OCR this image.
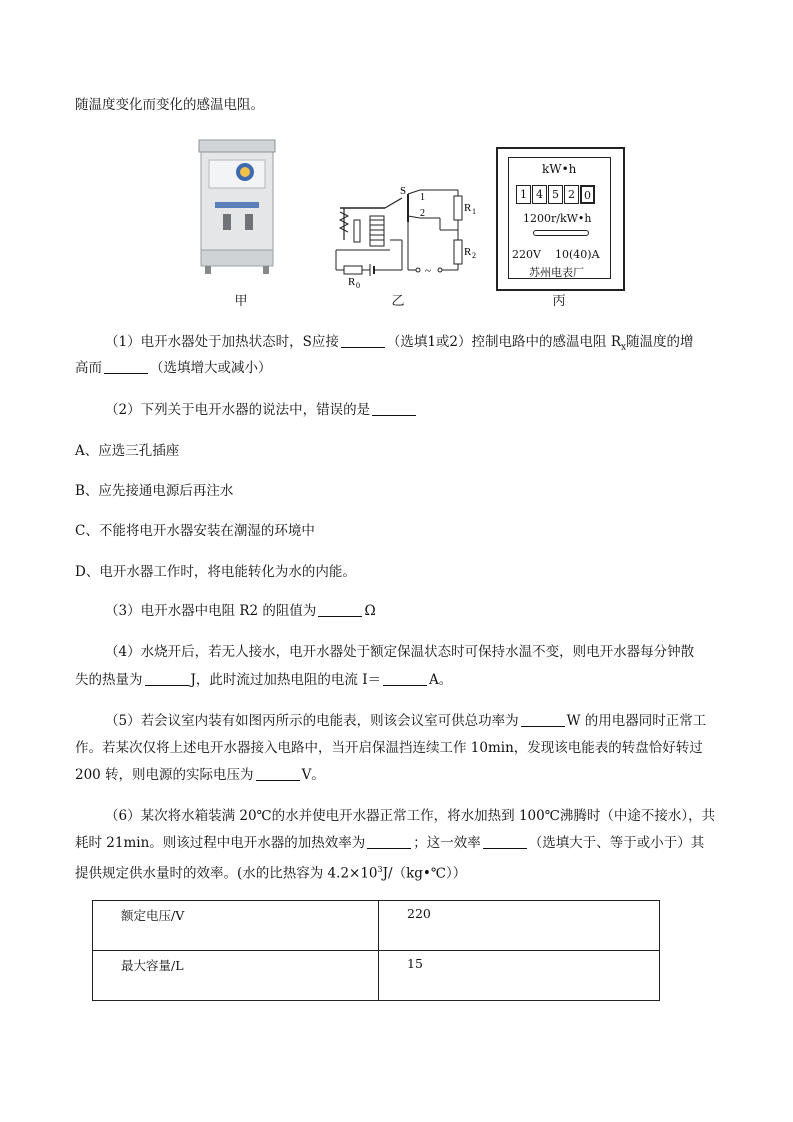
随温度变化而变化的感温电阻。
甲
S
1
2	R 1
R 2
R 0
~
乙
kW•h
1 4 5 2 0
1200r/kW•h
220V 10(40)A
苏州电表厂
丙
（1）电开水器处于加热状态时，S应接	（选填1或2）控制电路中的感温电阻 $R_x$随温度的增
高而	（选填增大或减小）
（2）下列关于电开水器的说法中，错误的是
A、应选三孔插座
B、应先接通电源后再注水
C、不能将电开水器安装在潮湿的环境中
D、电开水器工作时，将电能转化为水的内能。
（3）电开水器中电阻 R2 的阻值为	Ω
（4）水烧开后，若无人接水，电开水器处于额定保温状态时可保持水温不变，则电开水器每分钟散
失的热量为	J，此时流过加热电阻的电流 I＝	A。
（5）若会议室内装有如图丙所示的电能表，则该会议室可供总功率为	W 的用电器同时正常工
作。若某次仅将上述电开水器接入电路中，当开启保温挡连续工作 10min，发现该电能表的转盘恰好转过
200 转，则电源的实际电压为	V。
（6）某次将水箱装满 20℃的水并使电开水器正常工作，将水加热到 100℃沸腾时（中途不接水），共
耗时 21min。则该过程中电开水器的加热效率为	；这一效率	（选填大于、等于或小于）其
提供规定供水量时的效率。(水的比热容为 $4.2\times 10^3J/(kg•℃)$）
额定电压/V	220
最大容量/L	15
